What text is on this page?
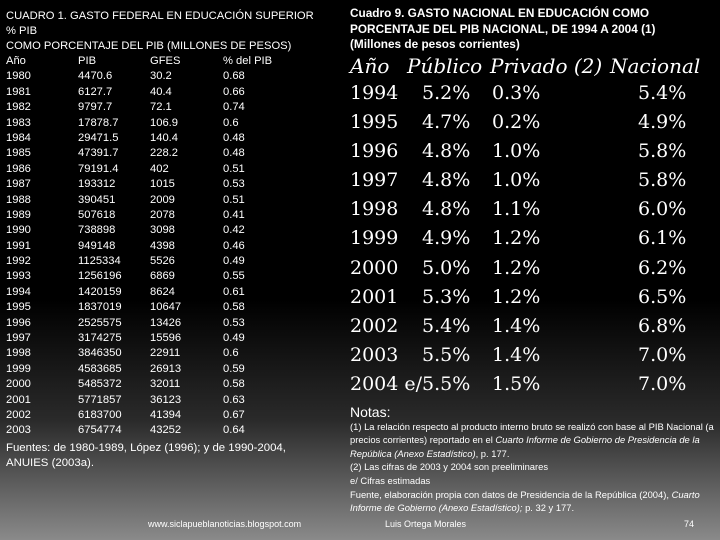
CUADRO 1. GASTO FEDERAL EN EDUCACIÓN SUPERIOR
% PIB
COMO PORCENTAJE DEL PIB (MILLONES DE PESOS)
Año	PIB	GFES	% del PIB
1980	4470.6	30.2	0.68
1981	6127.7	40.4	0.66
1982	9797.7	72.1	0.74
1983	17878.7	106.9	0.6
1984	29471.5	140.4	0.48
1985	47391.7	228.2	0.48
1986	79191.4	402	0.51
1987	193312	1015	0.53
1988	390451	2009	0.51
1989	507618	2078	0.41
1990	738898	3098	0.42
1991	949148	4398	0.46
1992	1125334	5526	0.49
1993	1256196	6869	0.55
1994	1420159	8624	0.61
1995	1837019	10647	0.58
1996	2525575	13426	0.53
1997	3174275	15596	0.49
1998	3846350	22911	0.6
1999	4583685	26913	0.59
2000	5485372	32011	0.58
2001	5771857	36123	0.63
2002	6183700	41394	0.67
2003	6754774	43252	0.64
Fuentes: de 1980-1989, López (1996); y de 1990-2004,
ANUIES (2003a).
Cuadro 9. GASTO NACIONAL EN EDUCACIÓN COMO
PORCENTAJE DEL PIB NACIONAL, DE 1994 A 2004 (1)
(Millones de pesos corrientes)
Año Público Privado (2) Nacional
1994 5.2% 0.3%	5.4%
1995 4.7% 0.2%	4.9%
1996 4.8% 1.0%	5.8%
1997 4.8% 1.0%	5.8%
1998 4.8% 1.1%	6.0%
1999 4.9% 1.2%	6.1%
2000 5.0% 1.2%	6.2%
2001 5.3% 1.2%	6.5%
2002 5.4% 1.4%	6.8%
2003 5.5% 1.4%	7.0%
2004 e/ 5.5% 1.5%	7.0%
Notas:
(1) La relación respecto al producto interno bruto se realizó con base al PIB Nacional (a precios corrientes) reportado en el Cuarto Informe de Gobierno de Presidencia de la República (Anexo Estadístico), p. 177.
(2) Las cifras de 2003 y 2004 son preeliminares
e/ Cifras estimadas
Fuente, elaboración propia con datos de Presidencia de la República (2004), Cuarto Informe de Gobierno (Anexo Estadístico); p. 32 y 177.
www.siclapueblanoticias.blogspot.com	Luis Ortega Morales	74
